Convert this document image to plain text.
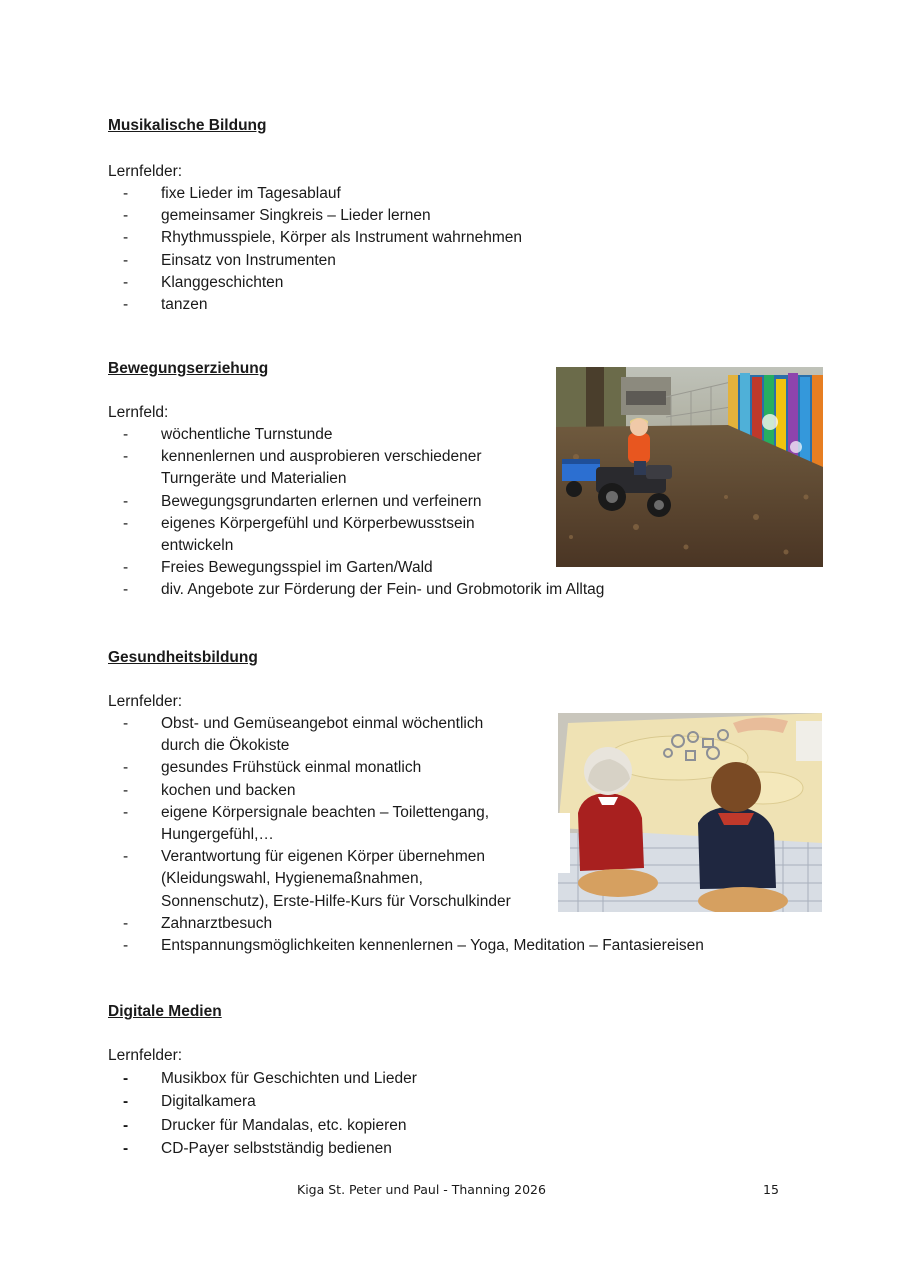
Musikalische Bildung

Lernfelder:

- fixe Lieder im Tagesablauf
- gemeinsamer Singkreis – Lieder lernen
- Rhythmusspiele, Körper als Instrument wahrnehmen
- Einsatz von Instrumenten
- Klanggeschichten
- tanzen

Bewegungserziehung

Lernfeld:

- wöchentliche Turnstunde
- kennenlernen und ausprobieren verschiedener
Turngeräte und Materialien
- Bewegungsgrundarten erlernen und verfeinern
- eigenes Körpergefühl und Körperbewusstsein
entwickeln
- Freies Bewegungsspiel im Garten/Wald
- div. Angebote zur Förderung der Fein- und Grobmotorik im Alltag

Gesundheitsbildung

Lernfelder:

- Obst- und Gemüseangebot einmal wöchentlich
durch die Ökokiste
- gesundes Frühstück einmal monatlich
- kochen und backen
- eigene Körpersignale beachten – Toilettengang,
Hungergefühl,…
- Verantwortung für eigenen Körper übernehmen
(Kleidungswahl, Hygienemaßnahmen,
Sonnenschutz), Erste-Hilfe-Kurs für Vorschulkinder
- Zahnarztbesuch
- Entspannungsmöglichkeiten kennenlernen – Yoga, Meditation – Fantasiereisen

Digitale Medien

Lernfelder:

- Musikbox für Geschichten und Lieder
- Digitalkamera
- Drucker für Mandalas, etc. kopieren
- CD-Payer selbstständig bedienen
Kiga St. Peter und Paul - Thanning 2026	15
